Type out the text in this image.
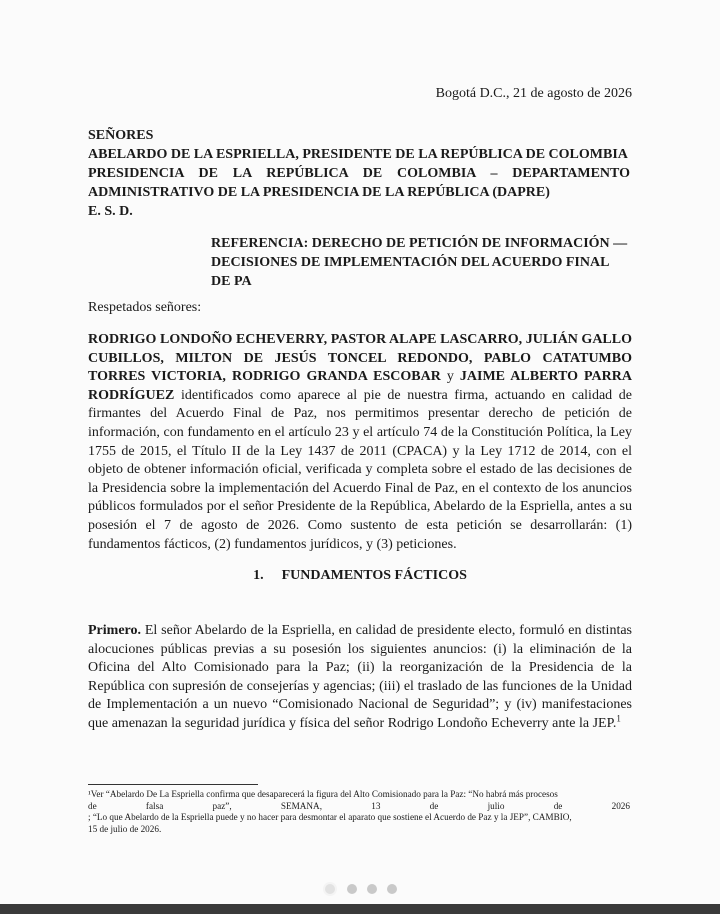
Bogotá D.C., 21 de agosto de 2026
SEÑORES
ABELARDO DE LA ESPRIELLA, PRESIDENTE DE LA REPÚBLICA DE COLOMBIA
PRESIDENCIA DE LA REPÚBLICA DE COLOMBIA – DEPARTAMENTO
ADMINISTRATIVO DE LA PRESIDENCIA DE LA REPÚBLICA (DAPRE)
E. S. D.
REFERENCIA: DERECHO DE PETICIÓN DE INFORMACIÓN — DECISIONES DE IMPLEMENTACIÓN DEL ACUERDO FINAL DE PA
Respetados señores:

RODRIGO LONDOÑO ECHEVERRY, PASTOR ALAPE LASCARRO, JULIÁN GALLO CUBILLOS, MILTON DE JESÚS TONCEL REDONDO, PABLO CATATUMBO TORRES VICTORIA, RODRIGO GRANDA ESCOBAR y JAIME ALBERTO PARRA RODRÍGUEZ identificados como aparece al pie de nuestra firma, actuando en calidad de firmantes del Acuerdo Final de Paz, nos permitimos presentar derecho de petición de información, con fundamento en el artículo 23 y el artículo 74 de la Constitución Política, la Ley 1755 de 2015, el Título II de la Ley 1437 de 2011 (CPACA) y la Ley 1712 de 2014, con el objeto de obtener información oficial, verificada y completa sobre el estado de las decisiones de la Presidencia sobre la implementación del Acuerdo Final de Paz, en el contexto de los anuncios públicos formulados por el señor Presidente de la República, Abelardo de la Espriella, antes a su posesión el 7 de agosto de 2026. Como sustento de esta petición se desarrollarán: (1) fundamentos fácticos, (2) fundamentos jurídicos, y (3) peticiones.

1. FUNDAMENTOS FÁCTICOS

Primero. El señor Abelardo de la Espriella, en calidad de presidente electo, formuló en distintas alocuciones públicas previas a su posesión los siguientes anuncios: (i) la eliminación de la Oficina del Alto Comisionado para la Paz; (ii) la reorganización de la Presidencia de la República con supresión de consejerías y agencias; (iii) el traslado de las funciones de la Unidad de Implementación a un nuevo “Comisionado Nacional de Seguridad”; y (iv) manifestaciones que amenazan la seguridad jurídica y física del señor Rodrigo Londoño Echeverry ante la JEP.$^1$

¹Ver “Abelardo De La Espriella confirma que desaparecerá la figura del Alto Comisionado para la Paz: “No habrá más procesos
de falsa paz”, SEMANA, 13 de julio de 2026
; “Lo que Abelardo de la Espriella puede y no hacer para desmontar el aparato que sostiene el Acuerdo de Paz y la JEP”, CAMBIO,
15 de julio de 2026.
